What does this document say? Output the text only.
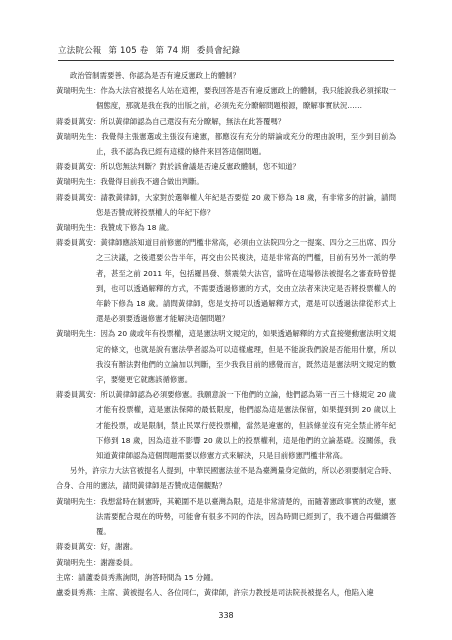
立法院公報 第 105 卷 第 74 期 委員會紀錄

政治管制需要善、你認為是否有違反憲政上的體制？

黃瑞明先生：作為大法官被提名人站在這裡，要我回答是否有違反憲政上的體制，我只能說我必須採取一個態度，那就是我在我的出版之前，必須先充分瞭解問題根源，瞭解事實狀況……

蔣委員萬安：所以黃律師認為自己還沒有充分瞭解，無法在此答覆嗎？

黃瑞明先生：我覺得主張憲選或主張沒有違憲，都應沒有充分的辯論或充分的理由說明，至少到目前為止，我不認為我已經有這樣的條件來回答這個問題。

蔣委員萬安：所以您無法判斷？對於該會議是否違反憲政體制，您不知道？

黃瑞明先生：我覺得目前我不適合做出判斷。

蔣委員萬安：請教黃律師，大家對於選舉權人年紀是否要從 20 歲下修為 18 歲，有非常多的討論，請問您是否贊成將投票權人的年紀下修？

黃瑞明先生：我贊成下修為 18 歲。

蔣委員萬安：黃律師應該知道目前修憲的門檻非常高，必須由立法院四分之一提案、四分之三出席、四分之三決議，之後還要公告半年，再交由公民複決，這是非常高的門檻，目前有另外一派的學者，甚至之前 2011 年，包括羅昌發、蔡震榮大法官，當時在這場修法被提名之審查時曾提到，也可以透過解釋的方式，不需要透過修憲的方式，交由立法者來決定是否將投票權人的年齡下修為 18 歲。請問黃律師，您是支持可以透過解釋方式，還是可以透過法律從形式上還是必須要透過修憲才能解決這個問題？

黃瑞明先生：因為 20 歲或年有投票權，這是憲法明文規定的，如果透過解釋的方式直接變動憲法明文規定的條文，也就是說有憲法學者認為可以這樣處理，但是不能說我們說是否能用什麼，所以我沒有辦法對他們的立論加以判斷，至少我我目前的感覺而言，既然這是憲法明文規定的數字，要變更它就應該循修憲。

蔣委員萬安：所以黃律師認為必須要修憲。我願意說一下他們的立論，他們認為第一百三十條規定 20 歲才能有投票權，這是憲法保障的最低限度，他們認為這是憲法保留，如果提到到 20 歲以上才能投票，或是限制，禁止民眾行使投票權，當然是違憲的，但該條並沒有完全禁止將年紀下修到 18 歲，因為這並不影響 20 歲以上的投票權利，這是他們的立論基礎。沒關係，我知道黃律師認為這個問題需要以修憲方式來解決，只是目前修憲門檻非常高。

另外，許宗力大法官被提名人提到，中華民國憲法並不是為臺灣量身定做的，所以必須要制定合時、合身、合用的憲法，請問黃律師是否贊成這個觀點？

黃瑞明先生：我想當時在制憲時，其範圍不是以臺灣為限，這是非常清楚的，而隨著憲政事實的改變，憲法需要配合現在的時勢，可能會有很多不同的作法，因為時間已經到了，我不適合再繼續答覆。

蔣委員萬安：好，謝謝。

黃瑞明先生：謝謝委員。

主席：請蘆委員秀燕詢問，詢答時間為 15 分鐘。

盧委員秀燕：主席、黃被提名人、各位同仁，黃律師，許宗力教授是司法院長被提名人，他陷入違

338
